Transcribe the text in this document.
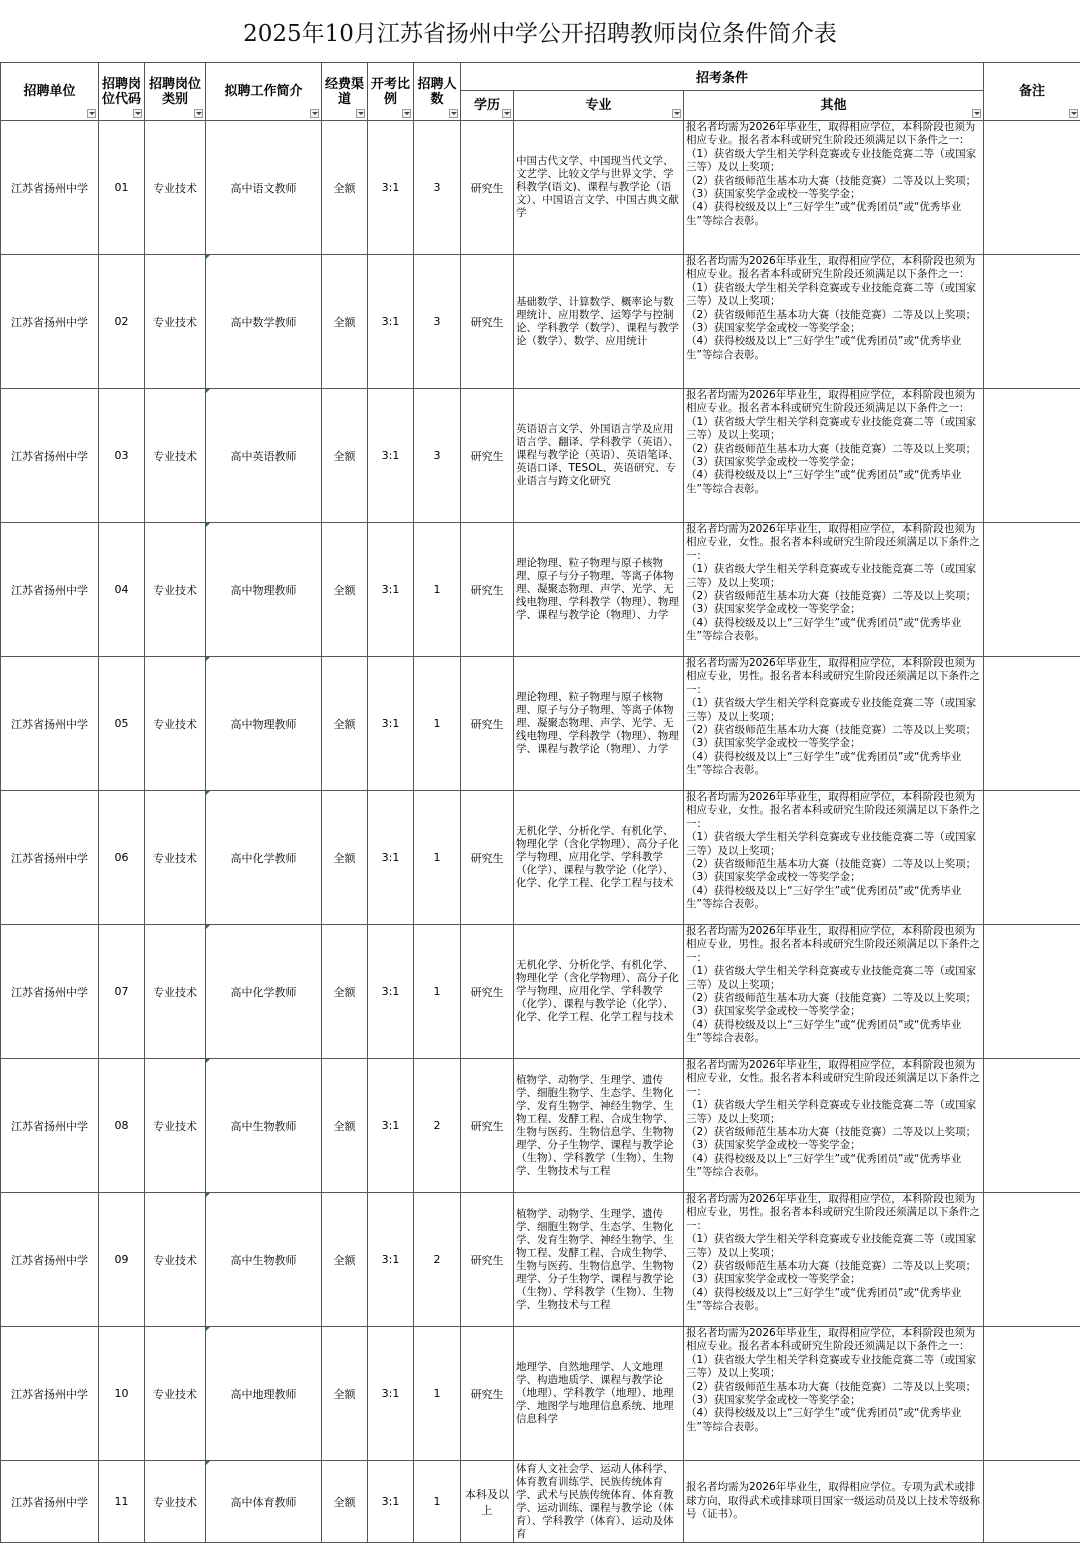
2025年10月江苏省扬州中学公开招聘教师岗位条件简介表
招聘单位	招聘岗位代码	招聘岗位类别	拟聘工作简介	经费渠道	开考比例	招聘人数	招考条件			备注

							学历	专业	其他	

江苏省扬州中学	01	专业技术	高中语文教师	全额	3:1	3	研究生	中国古代文学、中国现当代文学、文艺学、比较文学与世界文学、学科教学(语文)、课程与教学论（语文）、中国语言文学、中国古典文献学	报名者均需为2026年毕业生，取得相应学位，本科阶段也须为相应专业。报名者本科或研究生阶段还须满足以下条件之一：

（1）获省级大学生相关学科竞赛或专业技能竞赛二等（或国家三等）及以上奖项；

（2）获省级师范生基本功大赛（技能竞赛）二等及以上奖项；

（3）获国家奖学金或校一等奖学金；

（4）获得校级及以上“三好学生”或“优秀团员”或“优秀毕业生”等综合表彰。	

江苏省扬州中学	02	专业技术	高中数学教师	全额	3:1	3	研究生	基础数学、计算数学、概率论与数理统计、应用数学、运筹学与控制论、学科教学（数学）、课程与教学论（数学）、数学、应用统计	报名者均需为2026年毕业生，取得相应学位，本科阶段也须为相应专业。报名者本科或研究生阶段还须满足以下条件之一：

（1）获省级大学生相关学科竞赛或专业技能竞赛二等（或国家三等）及以上奖项；

（2）获省级师范生基本功大赛（技能竞赛）二等及以上奖项；

（3）获国家奖学金或校一等奖学金；

（4）获得校级及以上“三好学生”或“优秀团员”或“优秀毕业生”等综合表彰。	

江苏省扬州中学	03	专业技术	高中英语教师	全额	3:1	3	研究生	英语语言文学、外国语言学及应用语言学、翻译、学科教学（英语）、课程与教学论（英语）、英语笔译、英语口译、TESOL、英语研究、专业语言与跨文化研究	报名者均需为2026年毕业生，取得相应学位，本科阶段也须为相应专业。报名者本科或研究生阶段还须满足以下条件之一：

（1）获省级大学生相关学科竞赛或专业技能竞赛二等（或国家三等）及以上奖项；

（2）获省级师范生基本功大赛（技能竞赛）二等及以上奖项；

（3）获国家奖学金或校一等奖学金；

（4）获得校级及以上“三好学生”或“优秀团员”或“优秀毕业生”等综合表彰。	

江苏省扬州中学	04	专业技术	高中物理教师	全额	3:1	1	研究生	理论物理、粒子物理与原子核物理、原子与分子物理、等离子体物理、凝聚态物理、声学、光学、无线电物理、学科教学（物理）、物理学、课程与教学论（物理）、力学	报名者均需为2026年毕业生，取得相应学位，本科阶段也须为相应专业，女性。报名者本科或研究生阶段还须满足以下条件之一：

（1）获省级大学生相关学科竞赛或专业技能竞赛二等（或国家三等）及以上奖项；

（2）获省级师范生基本功大赛（技能竞赛）二等及以上奖项；

（3）获国家奖学金或校一等奖学金；

（4）获得校级及以上“三好学生”或“优秀团员”或“优秀毕业生”等综合表彰。	

江苏省扬州中学	05	专业技术	高中物理教师	全额	3:1	1	研究生	理论物理、粒子物理与原子核物理、原子与分子物理、等离子体物理、凝聚态物理、声学、光学、无线电物理、学科教学（物理）、物理学、课程与教学论（物理）、力学	报名者均需为2026年毕业生，取得相应学位，本科阶段也须为相应专业，男性。报名者本科或研究生阶段还须满足以下条件之一：

（1）获省级大学生相关学科竞赛或专业技能竞赛二等（或国家三等）及以上奖项；

（2）获省级师范生基本功大赛（技能竞赛）二等及以上奖项；

（3）获国家奖学金或校一等奖学金；

（4）获得校级及以上“三好学生”或“优秀团员”或“优秀毕业生”等综合表彰。	

江苏省扬州中学	06	专业技术	高中化学教师	全额	3:1	1	研究生	无机化学、分析化学、有机化学、物理化学（含化学物理）、高分子化学与物理、应用化学、学科教学（化学）、课程与教学论（化学）、化学、化学工程、化学工程与技术	报名者均需为2026年毕业生，取得相应学位，本科阶段也须为相应专业，女性。报名者本科或研究生阶段还须满足以下条件之一：

（1）获省级大学生相关学科竞赛或专业技能竞赛二等（或国家三等）及以上奖项；

（2）获省级师范生基本功大赛（技能竞赛）二等及以上奖项；

（3）获国家奖学金或校一等奖学金；

（4）获得校级及以上“三好学生”或“优秀团员”或“优秀毕业生”等综合表彰。	

江苏省扬州中学	07	专业技术	高中化学教师	全额	3:1	1	研究生	无机化学、分析化学、有机化学、物理化学（含化学物理）、高分子化学与物理、应用化学、学科教学（化学）、课程与教学论（化学）、化学、化学工程、化学工程与技术	报名者均需为2026年毕业生，取得相应学位，本科阶段也须为相应专业，男性。报名者本科或研究生阶段还须满足以下条件之一：

（1）获省级大学生相关学科竞赛或专业技能竞赛二等（或国家三等）及以上奖项；

（2）获省级师范生基本功大赛（技能竞赛）二等及以上奖项；

（3）获国家奖学金或校一等奖学金；

（4）获得校级及以上“三好学生”或“优秀团员”或“优秀毕业生”等综合表彰。	

江苏省扬州中学	08	专业技术	高中生物教师	全额	3:1	2	研究生	植物学、动物学、生理学、遗传学、细胞生物学、生态学、生物化学、发育生物学、神经生物学、生物工程、发酵工程、合成生物学、生物与医药、生物信息学、生物物理学、分子生物学、课程与教学论（生物）、学科教学（生物）、生物学、生物技术与工程	报名者均需为2026年毕业生，取得相应学位，本科阶段也须为相应专业，女性。报名者本科或研究生阶段还须满足以下条件之一：

（1）获省级大学生相关学科竞赛或专业技能竞赛二等（或国家三等）及以上奖项；

（2）获省级师范生基本功大赛（技能竞赛）二等及以上奖项；

（3）获国家奖学金或校一等奖学金；

（4）获得校级及以上“三好学生”或“优秀团员”或“优秀毕业生”等综合表彰。	

江苏省扬州中学	09	专业技术	高中生物教师	全额	3:1	2	研究生	植物学、动物学、生理学、遗传学、细胞生物学、生态学、生物化学、发育生物学、神经生物学、生物工程、发酵工程、合成生物学、生物与医药、生物信息学、生物物理学、分子生物学、课程与教学论（生物）、学科教学（生物）、生物学、生物技术与工程	报名者均需为2026年毕业生，取得相应学位，本科阶段也须为相应专业，男性。报名者本科或研究生阶段还须满足以下条件之一：

（1）获省级大学生相关学科竞赛或专业技能竞赛二等（或国家三等）及以上奖项；

（2）获省级师范生基本功大赛（技能竞赛）二等及以上奖项；

（3）获国家奖学金或校一等奖学金；

（4）获得校级及以上“三好学生”或“优秀团员”或“优秀毕业生”等综合表彰。	

江苏省扬州中学	10	专业技术	高中地理教师	全额	3:1	1	研究生	地理学、自然地理学、人文地理学、构造地质学、课程与教学论（地理）、学科教学（地理）、地理学、地图学与地理信息系统、地理信息科学	报名者均需为2026年毕业生，取得相应学位，本科阶段也须为相应专业。报名者本科或研究生阶段还须满足以下条件之一：

（1）获省级大学生相关学科竞赛或专业技能竞赛二等（或国家三等）及以上奖项；

（2）获省级师范生基本功大赛（技能竞赛）二等及以上奖项；

（3）获国家奖学金或校一等奖学金；

（4）获得校级及以上“三好学生”或“优秀团员”或“优秀毕业生”等综合表彰。	

江苏省扬州中学	11	专业技术	高中体育教师	全额	3:1	1	本科及以上	体育人文社会学、运动人体科学、体育教育训练学、民族传统体育学、武术与民族传统体育、体育教学、运动训练、课程与教学论（体育）、学科教学（体育）、运动及体育	报名者均需为2026年毕业生，取得相应学位。专项为武术或排球方向，取得武术或排球项目国家一级运动员及以上技术等级称号（证书）。	
